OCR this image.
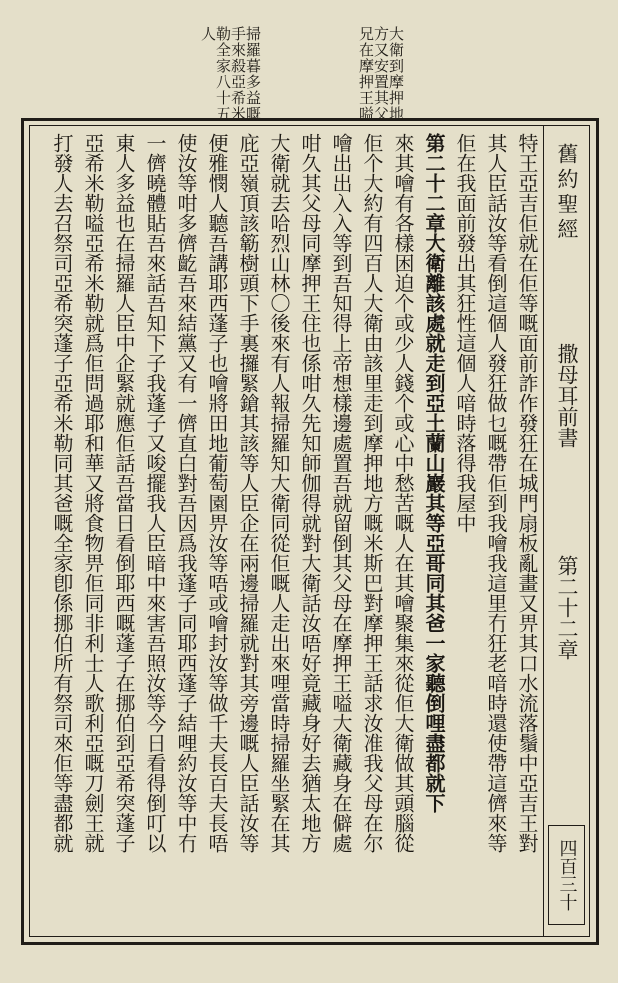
大衛到摩押地方又安置其父兄在摩押王嗌
掃羅暮多益嘅手來殺亞希米勒全家八十五人
舊約聖經
撒母耳前書
第二十二章
四百三十
特王亞吉佢就在佢等嘅面前詐作發狂在城門扇板亂畫又畀其口水流落鬚中亞吉王對
其人臣話汝等看倒這個人發狂做乜嘅帶佢到我噲我這里冇狂老喑時還使帶這儕來等
佢在我面前發出其狂性這個人喑時落得我屋中
第二十二章大衛離該處就走到亞土蘭山巖其等亞哥同其爸一家聽倒哩盡都就下
來其噲有各樣困迫个或少人錢个或心中愁苦嘅人在其噲聚集來從佢大衛做其頭腦從
佢个大約有四百人大衛由該里走到摩押地方嘅米斯巴對摩押王話求汝准我父母在尔
噲出出入入等到吾知得上帝想樣邊處置吾就留倒其父母在摩押王嗌大衛藏身在僻處
咁久其父母同摩押王住也係咁久先知師伽得就對大衛話汝唔好竟藏身好去猶太地方
大衛就去哈烈山林〇後來有人報掃羅知大衛同從佢嘅人走出來哩當時掃羅坐緊在其
庇亞嶺頂該簕樹頭下手裏攞緊鎗其該等人臣企在兩邊掃羅就對其旁邊嘅人臣話汝等
便雅憫人聽吾講耶西蓬子也噲將田地葡萄園畀汝等唔或噲封汝等做千夫長百夫長唔
使汝等咁多儕齕吾來結黨又有一儕直白對吾因爲我蓬子同耶西蓬子結哩約汝等中冇
一儕曉體貼吾來話吾知下子我蓬子又唆擺我人臣暗中來害吾照汝等今日看得倒叮以
東人多益也在掃羅人臣中企緊就應佢話吾當日看倒耶西嘅蓬子在挪伯到亞希突蓬子
亞希米勒嗌亞希米勒就爲佢問過耶和華又將食物畀佢同非利士人歌利亞嘅刀劍王就
打發人去召祭司亞希突蓬子亞希米勒同其爸嘅全家卽係挪伯所有祭司來佢等盡都就
